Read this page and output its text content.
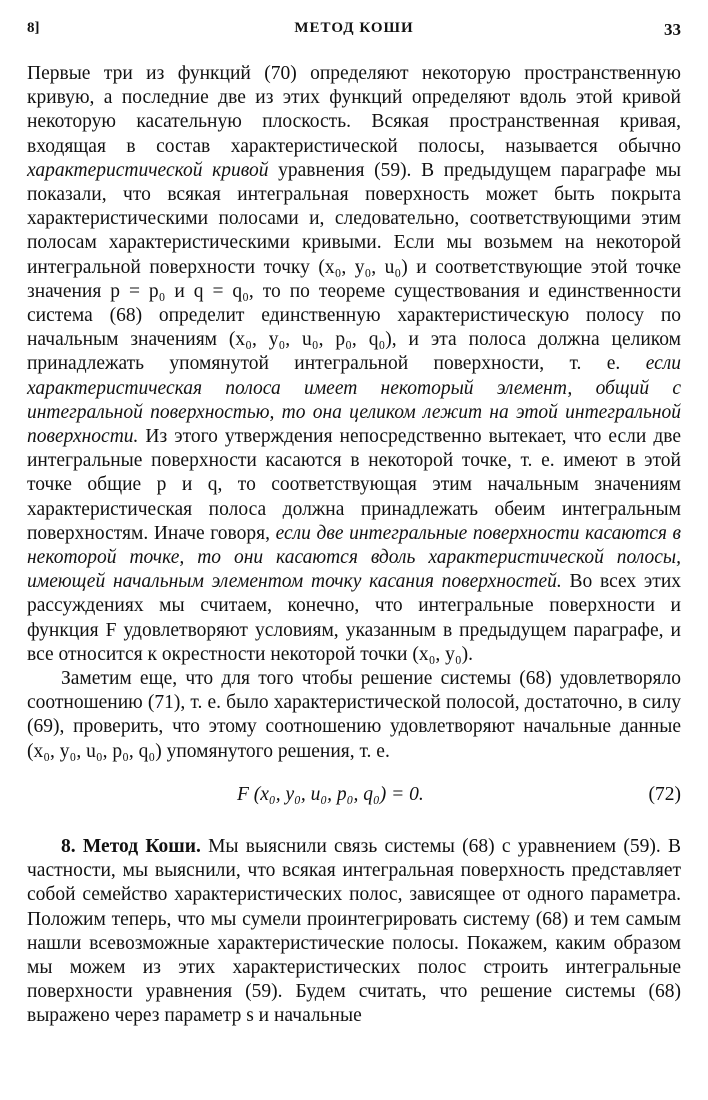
8]	МЕТОД КОШИ	33

Первые три из функций (70) определяют некоторую пространственную кривую, а последние две из этих функций определяют вдоль этой кривой некоторую касательную плоскость. Всякая пространственная кривая, входящая в состав характеристической полосы, называется обычно характеристической кривой уравнения (59). В предыдущем параграфе мы показали, что всякая интегральная поверхность может быть покрыта характеристическими полосами и, следовательно, соответствующими этим полосам характеристическими кривыми. Если мы возьмем на некоторой интегральной поверхности точку (x₀, y₀, u₀) и соответствующие этой точке значения p = p₀ и q = q₀, то по теореме существования и единственности система (68) определит единственную характеристическую полосу по начальным значениям (x₀, y₀, u₀, p₀, q₀), и эта полоса должна целиком принадлежать упомянутой интегральной поверхности, т. е. если характеристическая полоса имеет некоторый элемент, общий с интегральной поверхностью, то она целиком лежит на этой интегральной поверхности. Из этого утверждения непосредственно вытекает, что если две интегральные поверхности касаются в некоторой точке, т. е. имеют в этой точке общие p и q, то соответствующая этим начальным значениям характеристическая полоса должна принадлежать обеим интегральным поверхностям. Иначе говоря, если две интегральные поверхности касаются в некоторой точке, то они касаются вдоль характеристической полосы, имеющей начальным элементом точку касания поверхностей. Во всех этих рассуждениях мы считаем, конечно, что интегральные поверхности и функция F удовлетворяют условиям, указанным в предыдущем параграфе, и все относится к окрестности некоторой точки (x₀, y₀).

Заметим еще, что для того чтобы решение системы (68) удовлетворяло соотношению (71), т. е. было характеристической полосой, достаточно, в силу (69), проверить, что этому соотношению удовлетворяют начальные данные (x₀, y₀, u₀, p₀, q₀) упомянутого решения, т. е.

F (x₀, y₀, u₀, p₀, q₀) = 0.	(72)

8. Метод Коши. Мы выяснили связь системы (68) с уравнением (59). В частности, мы выяснили, что всякая интегральная поверхность представляет собой семейство характеристических полос, зависящее от одного параметра. Положим теперь, что мы сумели проинтегрировать систему (68) и тем самым нашли всевозможные характеристические полосы. Покажем, каким образом мы можем из этих характеристических полос строить интегральные поверхности уравнения (59). Будем считать, что решение системы (68) выражено через параметр s и начальные
